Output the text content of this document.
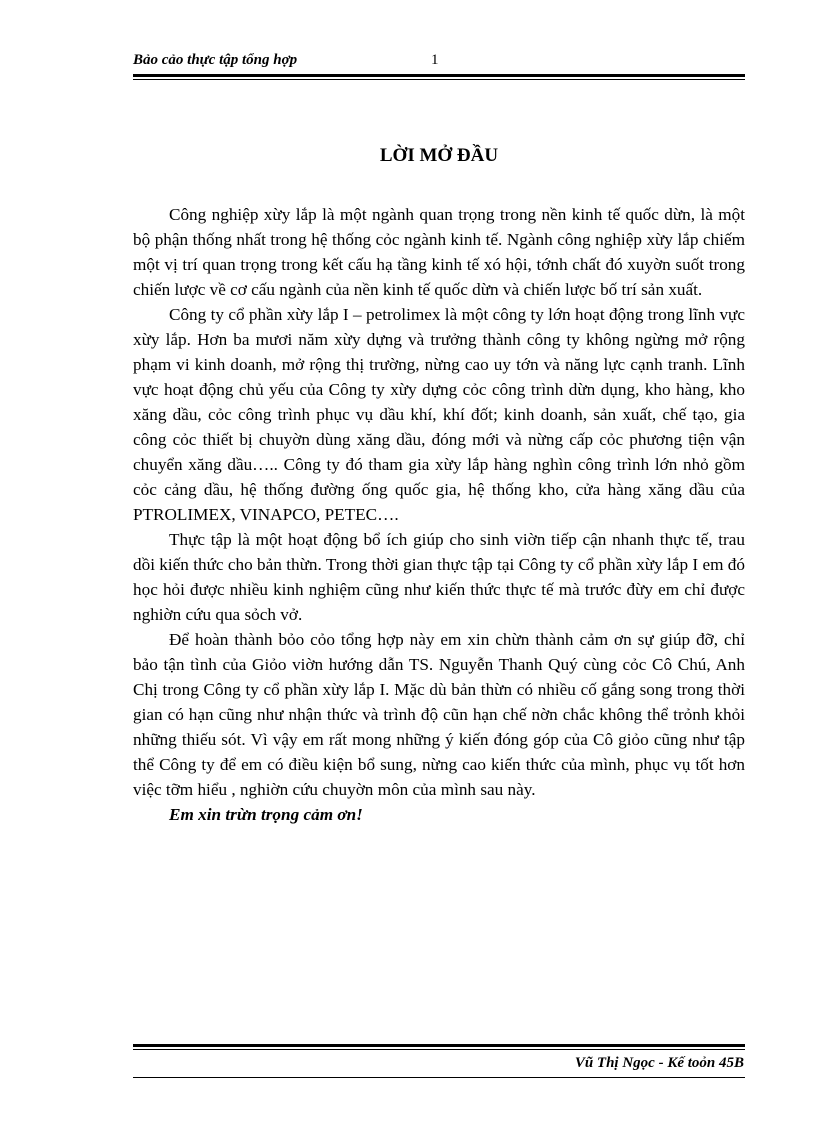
Bảo cảo thực tập tổng hợp	1
LỜI MỞ ĐẦU

Công nghiệp xừy lắp là một ngành quan trọng trong nền kinh tế quốc dừn, là một bộ phận thống nhất trong hệ thống cỏc ngành kinh tế. Ngành công nghiệp xừy lắp chiếm một vị trí quan trọng trong kết cấu hạ tầng kinh tế xó hội, tớnh chất đó xuyờn suốt trong chiến lược về cơ cấu ngành của nền kinh tế quốc dừn và chiến lược bố trí sản xuất.

Công ty cổ phần xừy lắp I – petrolimex là một công ty lớn hoạt động trong lĩnh vực xừy lắp. Hơn ba mươi năm xừy dựng và trưởng thành công ty không ngừng mở rộng phạm vi kinh doanh, mở rộng thị trường, nừng cao uy tớn và năng lực cạnh tranh. Lĩnh vực hoạt động chủ yếu của Công ty xừy dựng cỏc công trình dừn dụng, kho hàng, kho xăng dầu, cỏc công trình phục vụ dầu khí, khí đốt; kinh doanh, sản xuất, chế tạo, gia công cỏc thiết bị chuyờn dùng xăng dầu, đóng mới và nừng cấp cỏc phương tiện vận chuyển xăng dầu….. Công ty đó tham gia xừy lắp hàng nghìn công trình lớn nhỏ gồm cỏc cảng dầu, hệ thống đường ống quốc gia, hệ thống kho, cửa hàng xăng dầu của PTROLIMEX, VINAPCO, PETEC….

Thực tập là một hoạt động bổ ích giúp cho sinh viờn tiếp cận nhanh thực tế, trau dồi kiến thức cho bản thừn. Trong thời gian thực tập tại Công ty cổ phần xừy lắp I em đó học hỏi được nhiều kinh nghiệm cũng như kiến thức thực tế mà trước đừy em chỉ được nghiờn cứu qua sỏch vở.

Để hoàn thành bỏo cỏo tổng hợp này em xin chừn thành cảm ơn sự giúp đỡ, chỉ bảo tận tình của Giỏo viờn hướng dẫn TS. Nguyễn Thanh Quý cùng cỏc Cô Chú, Anh Chị trong Công ty cổ phần xừy lắp I. Mặc dù bản thừn có nhiều cố gắng song trong thời gian có hạn cũng như nhận thức và trình độ cũn hạn chế nờn chắc không thể trỏnh khỏi những thiếu sót. Vì vậy em rất mong những ý kiến đóng góp của Cô giỏo cũng như tập thể Công ty để em có điều kiện bổ sung, nừng cao kiến thức của mình, phục vụ tốt hơn việc tỡm hiểu , nghiờn cứu chuyờn môn của mình sau này.

Em xin trừn trọng cảm ơn!

Vũ Thị Ngọc - Kế toỏn 45B
